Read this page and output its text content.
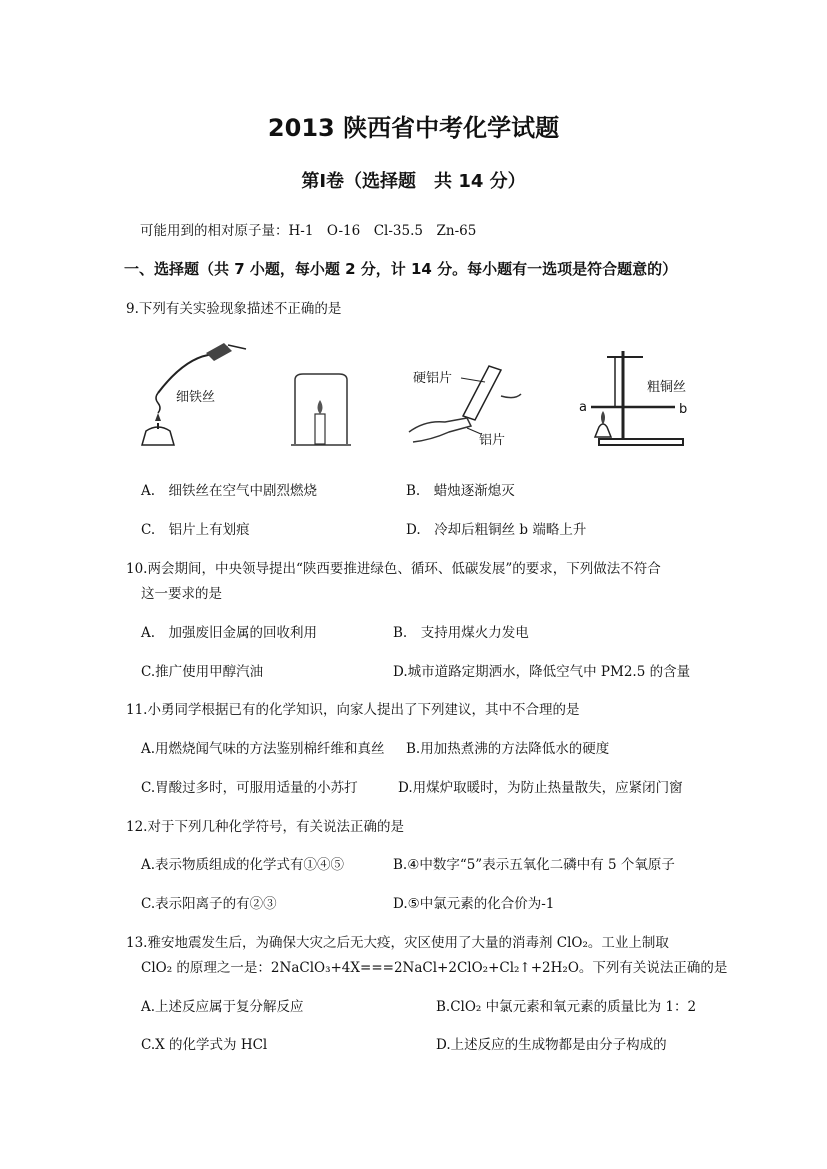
2013 陕西省中考化学试题
第Ⅰ卷（选择题　共 14 分）
可能用到的相对原子量：H-1　O-16　Cl-35.5　Zn-65
一、选择题（共 7 小题，每小题 2 分，计 14 分。每小题有一选项是符合题意的）
9.下列有关实验现象描述不正确的是
细铁丝
硬铝片
铝片
粗铜丝
a	b
A.　细铁丝在空气中剧烈燃烧	B.　蜡烛逐渐熄灭
C.　铝片上有划痕	D.　冷却后粗铜丝 b 端略上升
10.两会期间，中央领导提出“陕西要推进绿色、循环、低碳发展”的要求，下列做法不符合
这一要求的是
A.　加强废旧金属的回收利用	B.　支持用煤火力发电
C.推广使用甲醇汽油	D.城市道路定期洒水，降低空气中 PM2.5 的含量
11.小勇同学根据已有的化学知识，向家人提出了下列建议，其中不合理的是
A.用燃烧闻气味的方法鉴别棉纤维和真丝 B.用加热煮沸的方法降低水的硬度
C.胃酸过多时，可服用适量的小苏打	D.用煤炉取暖时，为防止热量散失，应紧闭门窗
12.对于下列几种化学符号，有关说法正确的是
A.表示物质组成的化学式有①④⑤	B.④中数字“5”表示五氧化二磷中有 5 个氧原子
C.表示阳离子的有②③	D.⑤中氯元素的化合价为-1
13.雅安地震发生后，为确保大灾之后无大疫，灾区使用了大量的消毒剂 ClO₂。工业上制取
ClO₂ 的原理之一是：2NaClO₃+4X===2NaCl+2ClO₂+Cl₂↑+2H₂O。下列有关说法正确的是
A.上述反应属于复分解反应	B.ClO₂ 中氯元素和氧元素的质量比为 1：2
C.X 的化学式为 HCl	D.上述反应的生成物都是由分子构成的
